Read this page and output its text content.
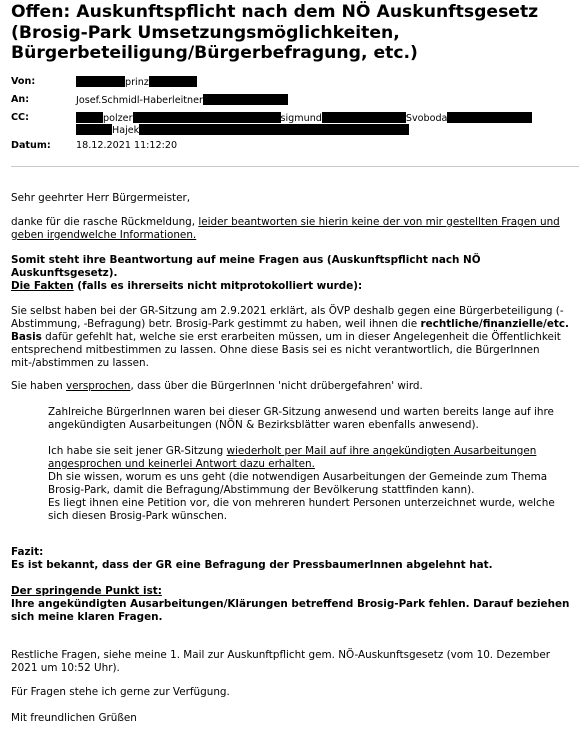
Offen: Auskunftspflicht nach dem NÖ Auskunftsgesetz (Brosig-Park Umsetzungsmöglichkeiten, Bürgerbeteiligung/Bürgerbefragung, etc.)
Von:	prinz
An:	Josef.Schmidl-Haberleitner
CC:	polzer	sigmund	Svoboda
Hajek
Datum:	18.12.2021 11:12:20

Sehr geehrter Herr Bürgermeister,

danke für die rasche Rückmeldung, leider beantworten sie hierin keine der von mir gestellten Fragen und geben irgendwelche Informationen.

Somit steht ihre Beantwortung auf meine Fragen aus (Auskunftspflicht nach NÖ Auskunftsgesetz).

Die Fakten (falls es ihrerseits nicht mitprotokolliert wurde):

Sie selbst haben bei der GR-Sitzung am 2.9.2021 erklärt, als ÖVP deshalb gegen eine Bürgerbeteiligung (-Abstimmung, -Befragung) betr. Brosig-Park gestimmt zu haben, weil ihnen die rechtliche/finanzielle/etc. Basis dafür gefehlt hat, welche sie erst erarbeiten müssen, um in dieser Angelegenheit die Öffentlichkeit entsprechend mitbestimmen zu lassen. Ohne diese Basis sei es nicht verantwortlich, die BürgerInnen mit-/abstimmen zu lassen.

Sie haben versprochen, dass über die BürgerInnen 'nicht drübergefahren' wird.

Zahlreiche BürgerInnen waren bei dieser GR-Sitzung anwesend und warten bereits lange auf ihre angekündigten Ausarbeitungen (NÖN & Bezirksblätter waren ebenfalls anwesend).

Ich habe sie seit jener GR-Sitzung wiederholt per Mail auf ihre angekündigten Ausarbeitungen angesprochen und keinerlei Antwort dazu erhalten.
Dh sie wissen, worum es uns geht (die notwendigen Ausarbeitungen der Gemeinde zum Thema Brosig-Park, damit die Befragung/Abstimmung der Bevölkerung stattfinden kann).
Es liegt ihnen eine Petition vor, die von mehreren hundert Personen unterzeichnet wurde, welche sich diesen Brosig-Park wünschen.

Fazit:

Es ist bekannt, dass der GR eine Befragung der PressbaumerInnen abgelehnt hat.

Der springende Punkt ist:

Ihre angekündigten Ausarbeitungen/Klärungen betreffend Brosig-Park fehlen. Darauf beziehen sich meine klaren Fragen.

Restliche Fragen, siehe meine 1. Mail zur Auskunftpflicht gem. NÖ-Auskunftsgesetz (vom 10. Dezember 2021 um 10:52 Uhr).

Für Fragen stehe ich gerne zur Verfügung.

Mit freundlichen Grüßen
